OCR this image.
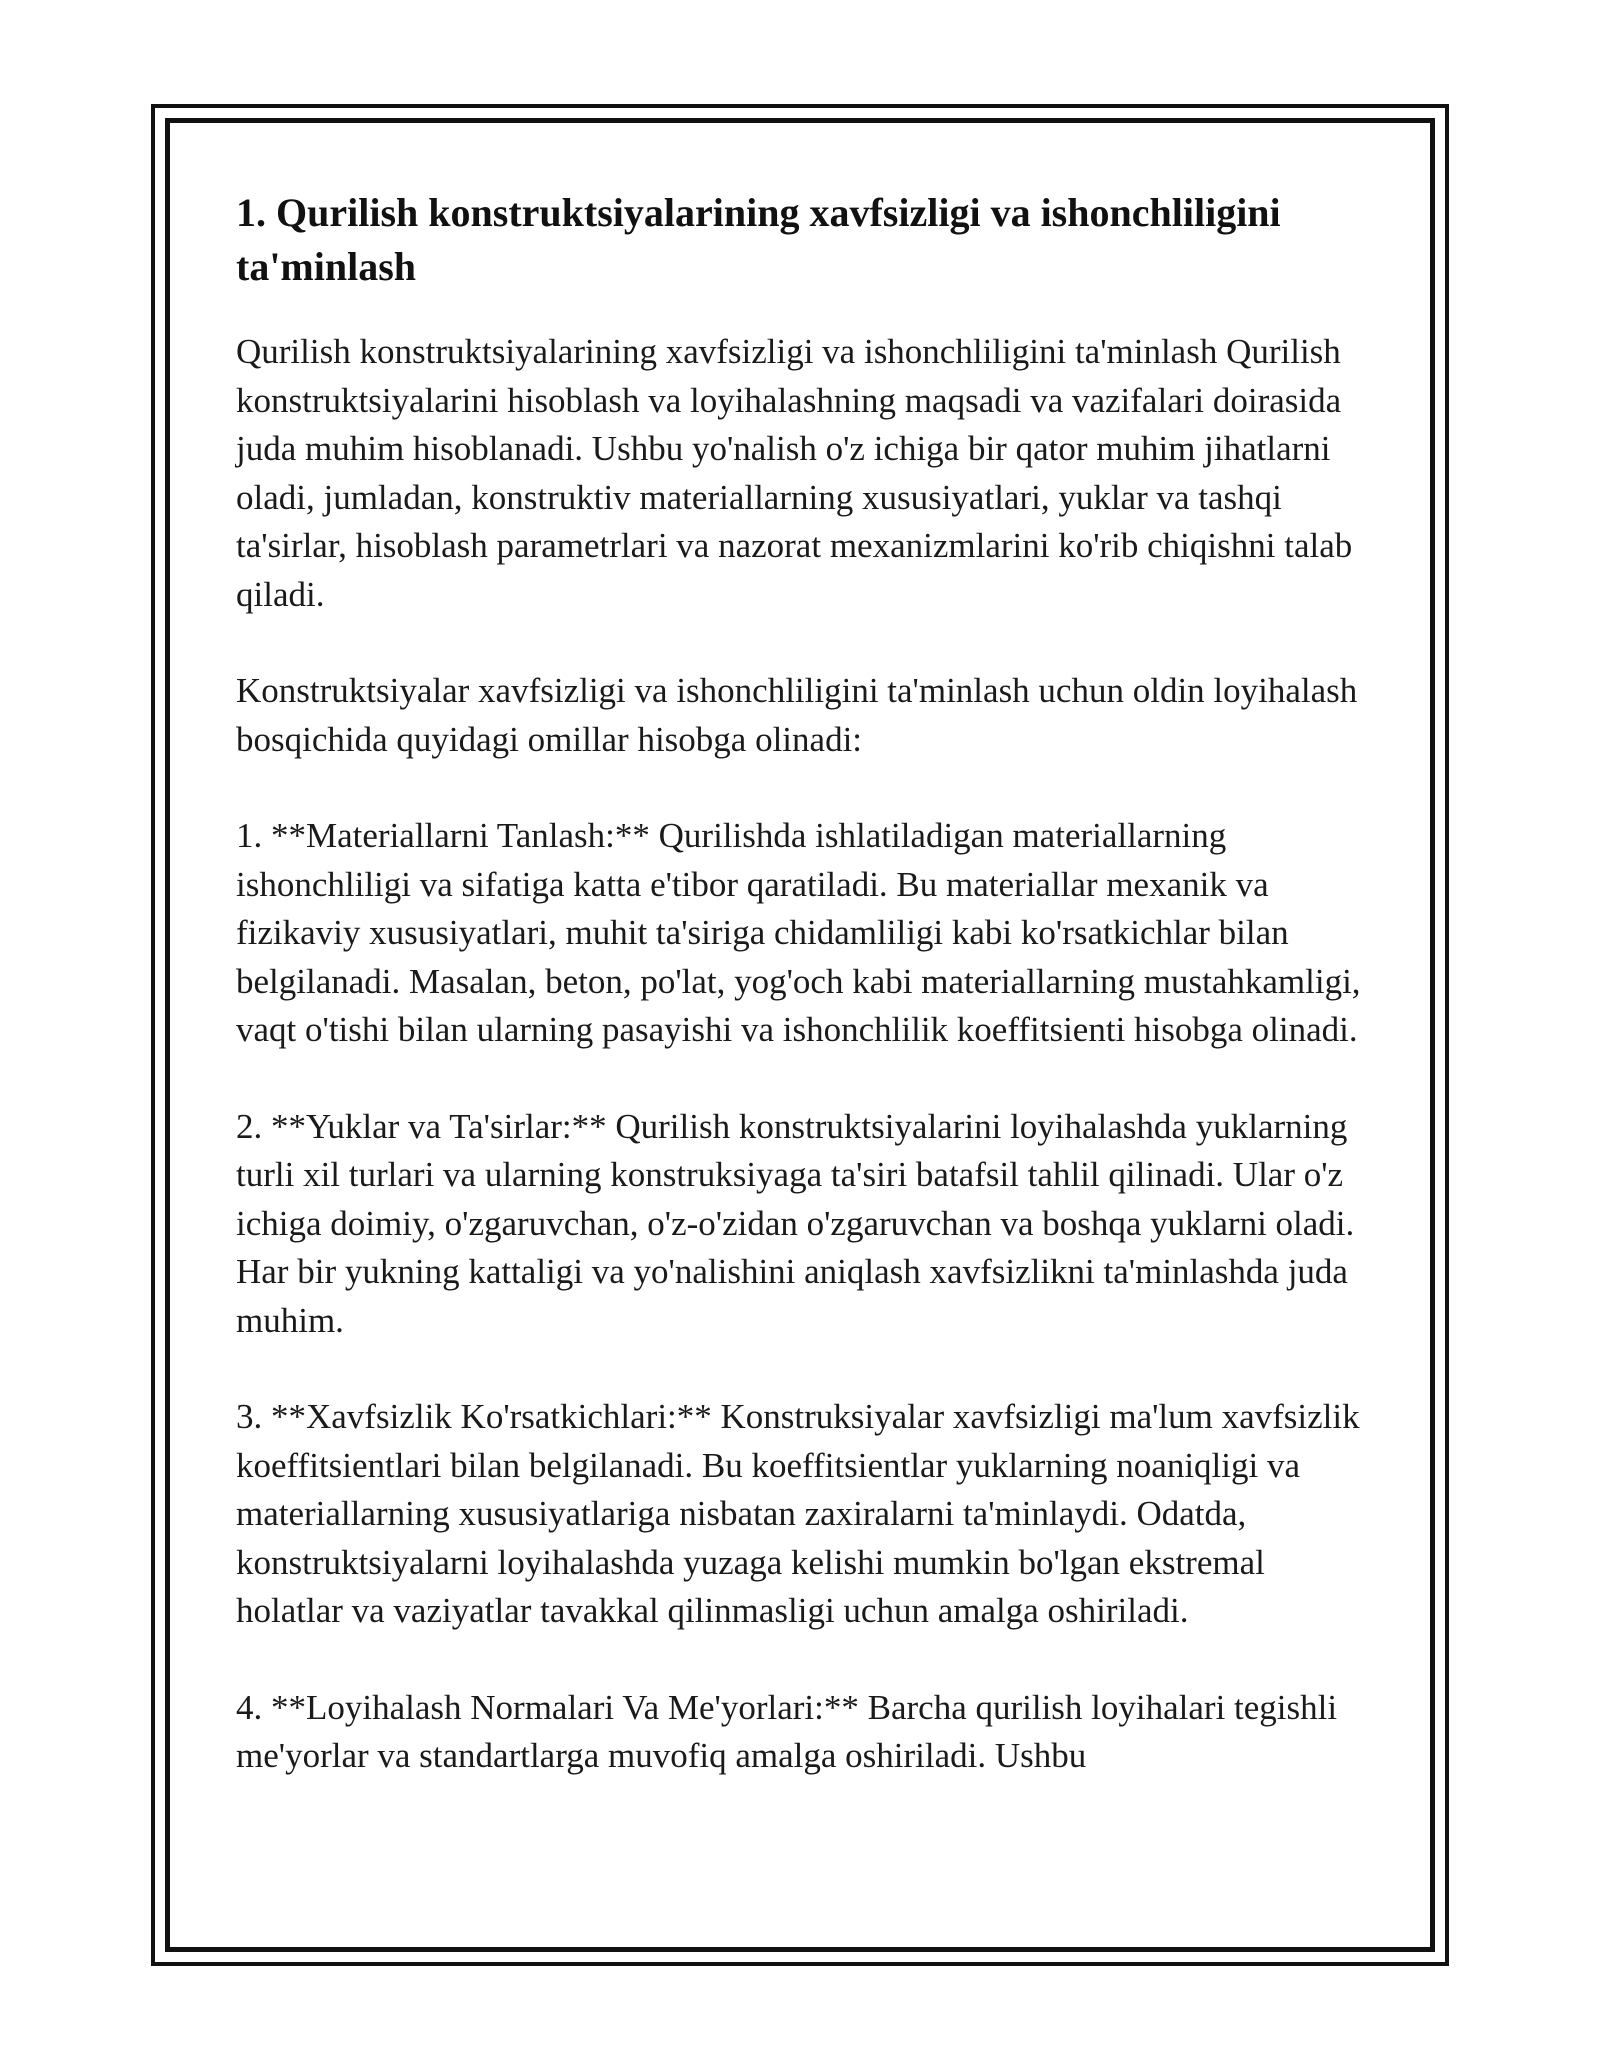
1. Qurilish konstruktsiyalarining xavfsizligi va ishonchliligini ta'minlash

Qurilish konstruktsiyalarining xavfsizligi va ishonchliligini ta'minlash Qurilish konstruktsiyalarini hisoblash va loyihalashning maqsadi va vazifalari doirasida juda muhim hisoblanadi. Ushbu yo'nalish o'z ichiga bir qator muhim jihatlarni oladi, jumladan, konstruktiv materiallarning xususiyatlari, yuklar va tashqi ta'sirlar, hisoblash parametrlari va nazorat mexanizmlarini ko'rib chiqishni talab qiladi.

Konstruktsiyalar xavfsizligi va ishonchliligini ta'minlash uchun oldin loyihalash bosqichida quyidagi omillar hisobga olinadi:

1. **Materiallarni Tanlash:** Qurilishda ishlatiladigan materiallarning ishonchliligi va sifatiga katta e'tibor qaratiladi. Bu materiallar mexanik va fizikaviy xususiyatlari, muhit ta'siriga chidamliligi kabi ko'rsatkichlar bilan belgilanadi. Masalan, beton, po'lat, yog'och kabi materiallarning mustahkamligi, vaqt o'tishi bilan ularning pasayishi va ishonchlilik koeffitsienti hisobga olinadi.

2. **Yuklar va Ta'sirlar:** Qurilish konstruktsiyalarini loyihalashda yuklarning turli xil turlari va ularning konstruksiyaga ta'siri batafsil tahlil qilinadi. Ular o'z ichiga doimiy, o'zgaruvchan, o'z-o'zidan o'zgaruvchan va boshqa yuklarni oladi. Har bir yukning kattaligi va yo'nalishini aniqlash xavfsizlikni ta'minlashda juda muhim.

3. **Xavfsizlik Ko'rsatkichlari:** Konstruksiyalar xavfsizligi ma'lum xavfsizlik koeffitsientlari bilan belgilanadi. Bu koeffitsientlar yuklarning noaniqligi va materiallarning xususiyatlariga nisbatan zaxiralarni ta'minlaydi. Odatda, konstruktsiyalarni loyihalashda yuzaga kelishi mumkin bo'lgan ekstremal holatlar va vaziyatlar tavakkal qilinmasligi uchun amalga oshiriladi.

4. **Loyihalash Normalari Va Me'yorlari:** Barcha qurilish loyihalari tegishli me'yorlar va standartlarga muvofiq amalga oshiriladi. Ushbu
